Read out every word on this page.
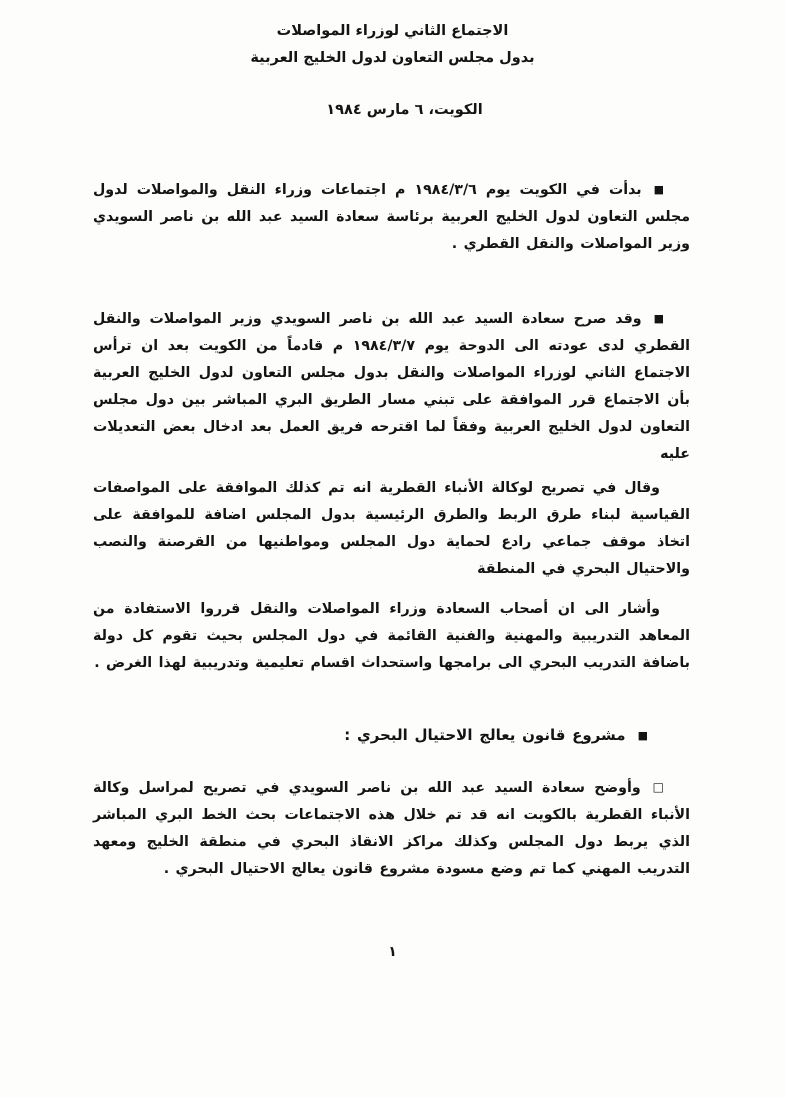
الاجتماع الثاني لوزراء المواصلات
بدول مجلس التعاون لدول الخليج العربية
الكويت، ٦ مارس ١٩٨٤

■بدأت في الكويت يوم ١٩٨٤/٣/٦ م اجتماعات وزراء النقل والمواصلات لدول مجلس التعاون لدول الخليج العربية برئاسة سعادة السيد عبد الله بن ناصر السويدي وزير المواصلات والنقل القطري .

■وقد صرح سعادة السيد عبد الله بن ناصر السويدي وزير المواصلات والنقل القطري لدى عودته الى الدوحة يوم ١٩٨٤/٣/٧ م قادماً من الكويت بعد ان ترأس الاجتماع الثاني لوزراء المواصلات والنقل بدول مجلس التعاون لدول الخليج العربية بأن الاجتماع قرر الموافقة على تبني مسار الطريق البري المباشر بين دول مجلس التعاون لدول الخليج العربية وفقاً لما اقترحه فريق العمل بعد ادخال بعض التعديلات عليه

وقال في تصريح لوكالة الأنباء القطرية انه تم كذلك الموافقة على المواصفات القياسية لبناء طرق الربط والطرق الرئيسية بدول المجلس اضافة للموافقة على اتخاذ موقف جماعي رادع لحماية دول المجلس ومواطنيها من القرصنة والنصب والاحتيال البحري في المنطقة

وأشار الى ان أصحاب السعادة وزراء المواصلات والنقل قرروا الاستفادة من المعاهد التدريبية والمهنية والفنية القائمة في دول المجلس بحيث تقوم كل دولة باضافة التدريب البحري الى برامجها واستحداث اقسام تعليمية وتدريبية لهذا الغرض .

■مشروع قانون يعالج الاحتيال البحري :

□وأوضح سعادة السيد عبد الله بن ناصر السويدي في تصريح لمراسل وكالة الأنباء القطرية بالكويت انه قد تم خلال هذه الاجتماعات بحث الخط البري المباشر الذي يربط دول المجلس وكذلك مراكز الانقاذ البحري في منطقة الخليج ومعهد التدريب المهني كما تم وضع مسودة مشروع قانون يعالج الاحتيال البحري .

١
